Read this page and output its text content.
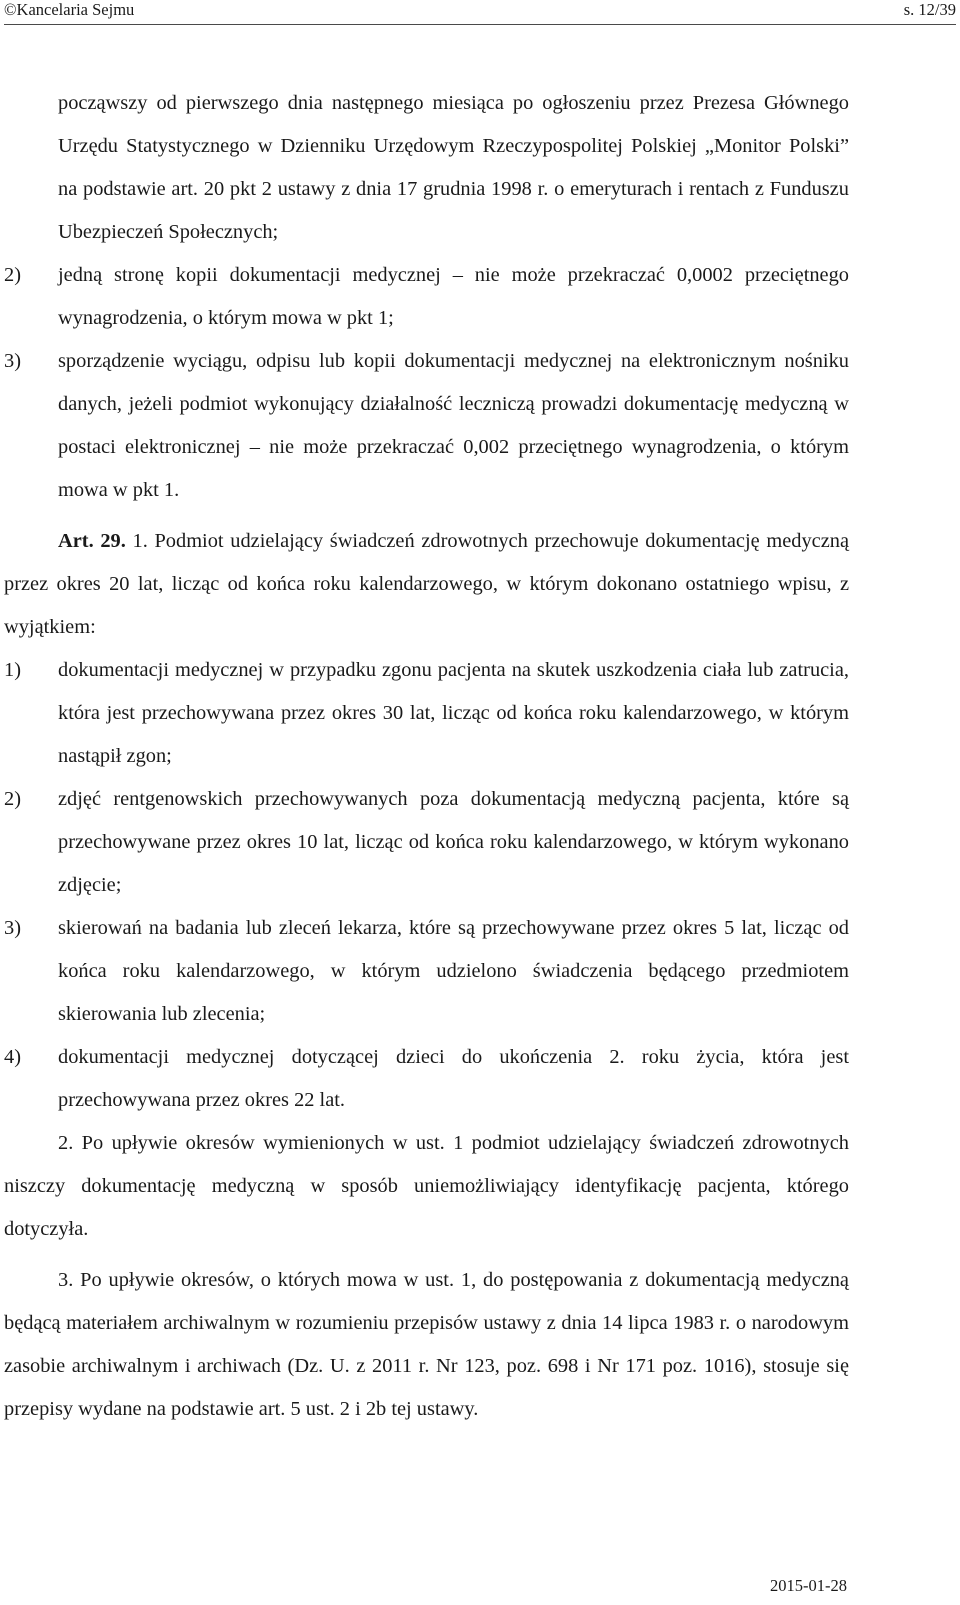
©Kancelaria Sejmu	s. 12/39

począwszy od pierwszego dnia następnego miesiąca po ogłoszeniu przez Prezesa Głównego Urzędu Statystycznego w Dzienniku Urzędowym Rzeczypospolitej Polskiej „Monitor Polski” na podstawie art. 20 pkt 2 ustawy z dnia 17 grudnia 1998 r. o emeryturach i rentach z Funduszu Ubezpieczeń Społecznych;

2) jedną stronę kopii dokumentacji medycznej – nie może przekraczać 0,0002 przeciętnego wynagrodzenia, o którym mowa w pkt 1;
3) sporządzenie wyciągu, odpisu lub kopii dokumentacji medycznej na elektronicznym nośniku danych, jeżeli podmiot wykonujący działalność leczniczą prowadzi dokumentację medyczną w postaci elektronicznej – nie może przekraczać 0,002 przeciętnego wynagrodzenia, o którym mowa w pkt 1.

Art. 29. 1. Podmiot udzielający świadczeń zdrowotnych przechowuje dokumentację medyczną przez okres 20 lat, licząc od końca roku kalendarzowego, w którym dokonano ostatniego wpisu, z wyjątkiem:

1) dokumentacji medycznej w przypadku zgonu pacjenta na skutek uszkodzenia ciała lub zatrucia, która jest przechowywana przez okres 30 lat, licząc od końca roku kalendarzowego, w którym nastąpił zgon;
2) zdjęć rentgenowskich przechowywanych poza dokumentacją medyczną pacjenta, które są przechowywane przez okres 10 lat, licząc od końca roku kalendarzowego, w którym wykonano zdjęcie;
3) skierowań na badania lub zleceń lekarza, które są przechowywane przez okres 5 lat, licząc od końca roku kalendarzowego, w którym udzielono świadczenia będącego przedmiotem skierowania lub zlecenia;
4) dokumentacji medycznej dotyczącej dzieci do ukończenia 2. roku życia, która jest przechowywana przez okres 22 lat.

2. Po upływie okresów wymienionych w ust. 1 podmiot udzielający świadczeń zdrowotnych niszczy dokumentację medyczną w sposób uniemożliwiający identyfikację pacjenta, którego dotyczyła.

3. Po upływie okresów, o których mowa w ust. 1, do postępowania z dokumentacją medyczną będącą materiałem archiwalnym w rozumieniu przepisów ustawy z dnia 14 lipca 1983 r. o narodowym zasobie archiwalnym i archiwach (Dz. U. z 2011 r. Nr 123, poz. 698 i Nr 171 poz. 1016), stosuje się przepisy wydane na podstawie art. 5 ust. 2 i 2b tej ustawy.

2015-01-28
